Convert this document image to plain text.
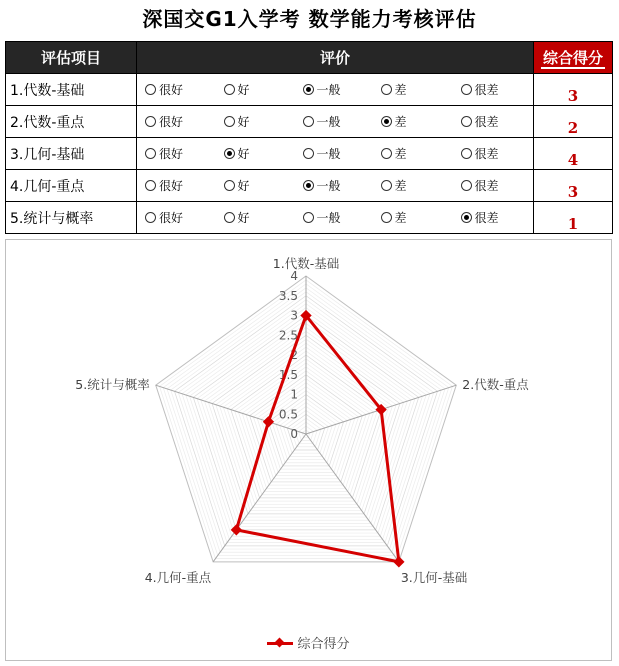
深国交G1入学考 数学能力考核评估
评估项目	评价					综合得分
1.代数-基础	很好	好	一般	差	很差	3
2.代数-重点	很好	好	一般	差	很差	2
3.几何-基础	很好	好	一般	差	很差	4
4.几何-重点	很好	好	一般	差	很差	3
5.统计与概率	很好	好	一般	差	很差	1
0
0.5
1
1.5
2
2.5
3
3.5
4
1.代数-基础
2.代数-重点
3.几何-基础
4.几何-重点
5.统计与概率
综合得分
